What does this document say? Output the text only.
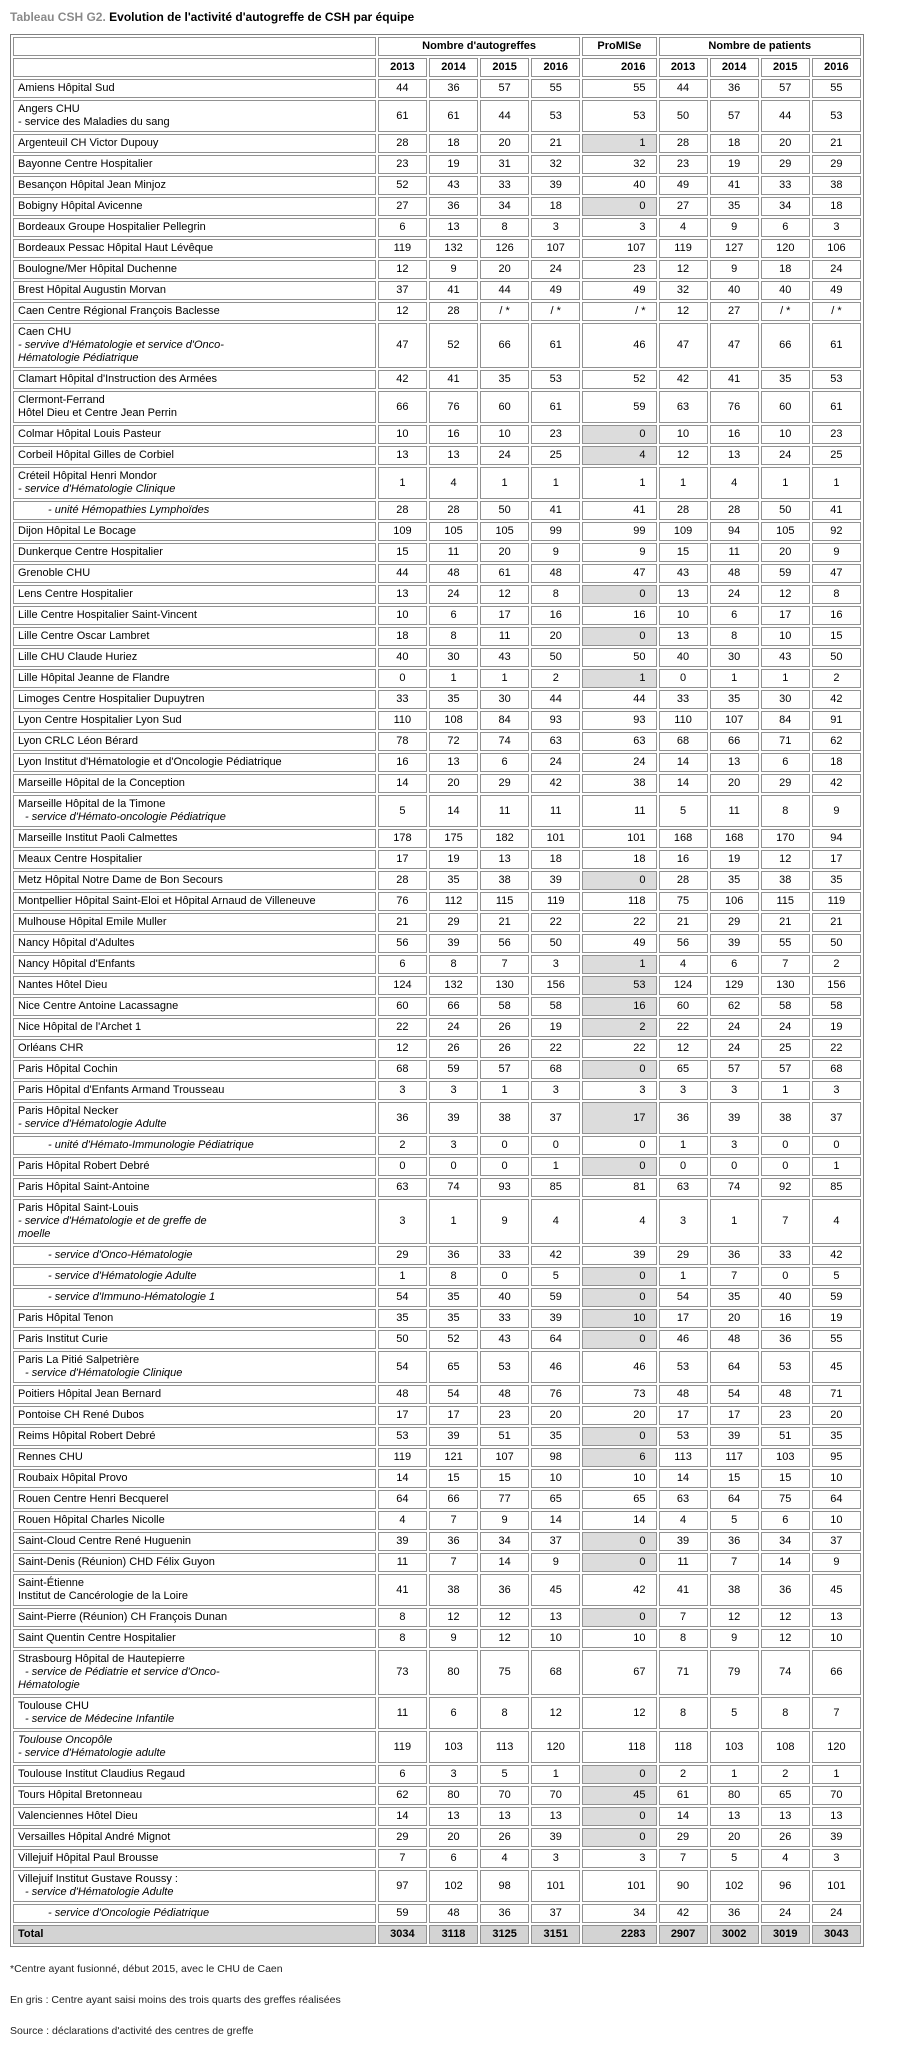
Tableau CSH G2. Evolution de l'activité d'autogreffe de CSH par équipe
	Nombre d'autogreffes				ProMISe	Nombre de patients			
	2013	2014	2015	2016	2016	2013	2014	2015	2016

Amiens Hôpital Sud	44	36	57	55	55	44	36	57	55

Angers CHU
- service des Maladies du sang	61	61	44	53	53	50	57	44	53

Argenteuil CH Victor Dupouy	28	18	20	21	1	28	18	20	21

Bayonne Centre Hospitalier	23	19	31	32	32	23	19	29	29

Besançon Hôpital Jean Minjoz	52	43	33	39	40	49	41	33	38

Bobigny Hôpital Avicenne	27	36	34	18	0	27	35	34	18

Bordeaux Groupe Hospitalier Pellegrin	6	13	8	3	3	4	9	6	3

Bordeaux Pessac Hôpital Haut Lévêque	119	132	126	107	107	119	127	120	106

Boulogne/Mer Hôpital Duchenne	12	9	20	24	23	12	9	18	24

Brest Hôpital Augustin Morvan	37	41	44	49	49	32	40	40	49

Caen Centre Régional François Baclesse	12	28	/ *	/ *	/ *	12	27	/ *	/ *

Caen CHU
- servive d'Hématologie et service d'Onco-
Hématologie Pédiatrique	47	52	66	61	46	47	47	66	61

Clamart Hôpital d'Instruction des Armées	42	41	35	53	52	42	41	35	53

Clermont-Ferrand
Hôtel Dieu et Centre Jean Perrin	66	76	60	61	59	63	76	60	61

Colmar Hôpital Louis Pasteur	10	16	10	23	0	10	16	10	23

Corbeil Hôpital Gilles de Corbiel	13	13	24	25	4	12	13	24	25

Créteil Hôpital Henri Mondor
- service d'Hématologie Clinique	1	4	1	1	1	1	4	1	1

- unité Hémopathies Lymphoïdes	28	28	50	41	41	28	28	50	41

Dijon Hôpital Le Bocage	109	105	105	99	99	109	94	105	92

Dunkerque Centre Hospitalier	15	11	20	9	9	15	11	20	9

Grenoble CHU	44	48	61	48	47	43	48	59	47

Lens Centre Hospitalier	13	24	12	8	0	13	24	12	8

Lille Centre Hospitalier Saint-Vincent	10	6	17	16	16	10	6	17	16

Lille Centre Oscar Lambret	18	8	11	20	0	13	8	10	15

Lille CHU Claude Huriez	40	30	43	50	50	40	30	43	50

Lille Hôpital Jeanne de Flandre	0	1	1	2	1	0	1	1	2

Limoges Centre Hospitalier Dupuytren	33	35	30	44	44	33	35	30	42

Lyon Centre Hospitalier Lyon Sud	110	108	84	93	93	110	107	84	91

Lyon CRLC Léon Bérard	78	72	74	63	63	68	66	71	62

Lyon Institut d'Hématologie et d'Oncologie Pédiatrique	16	13	6	24	24	14	13	6	18

Marseille Hôpital de la Conception	14	20	29	42	38	14	20	29	42

Marseille Hôpital de la Timone
- service d'Hémato-oncologie Pédiatrique	5	14	11	11	11	5	11	8	9

Marseille Institut Paoli Calmettes	178	175	182	101	101	168	168	170	94

Meaux Centre Hospitalier	17	19	13	18	18	16	19	12	17

Metz Hôpital Notre Dame de Bon Secours	28	35	38	39	0	28	35	38	35

Montpellier Hôpital Saint-Eloi et Hôpital Arnaud de Villeneuve	76	112	115	119	118	75	106	115	119

Mulhouse Hôpital Emile Muller	21	29	21	22	22	21	29	21	21

Nancy Hôpital d'Adultes	56	39	56	50	49	56	39	55	50

Nancy Hôpital d'Enfants	6	8	7	3	1	4	6	7	2

Nantes Hôtel Dieu	124	132	130	156	53	124	129	130	156

Nice Centre Antoine Lacassagne	60	66	58	58	16	60	62	58	58

Nice Hôpital de l'Archet 1	22	24	26	19	2	22	24	24	19

Orléans CHR	12	26	26	22	22	12	24	25	22

Paris Hôpital Cochin	68	59	57	68	0	65	57	57	68

Paris Hôpital d'Enfants Armand Trousseau	3	3	1	3	3	3	3	1	3

Paris Hôpital Necker
- service d'Hématologie Adulte	36	39	38	37	17	36	39	38	37

- unité d'Hémato-Immunologie Pédiatrique	2	3	0	0	0	1	3	0	0

Paris Hôpital Robert Debré	0	0	0	1	0	0	0	0	1

Paris Hôpital Saint-Antoine	63	74	93	85	81	63	74	92	85

Paris Hôpital Saint-Louis
- service d'Hématologie et de greffe de
moelle	3	1	9	4	4	3	1	7	4

- service d'Onco-Hématologie	29	36	33	42	39	29	36	33	42

- service d'Hématologie Adulte	1	8	0	5	0	1	7	0	5

- service d'Immuno-Hématologie 1	54	35	40	59	0	54	35	40	59

Paris Hôpital Tenon	35	35	33	39	10	17	20	16	19

Paris Institut Curie	50	52	43	64	0	46	48	36	55

Paris La Pitié Salpetrière
- service d'Hématologie Clinique	54	65	53	46	46	53	64	53	45

Poitiers Hôpital Jean Bernard	48	54	48	76	73	48	54	48	71

Pontoise CH René Dubos	17	17	23	20	20	17	17	23	20

Reims Hôpital Robert Debré	53	39	51	35	0	53	39	51	35

Rennes CHU	119	121	107	98	6	113	117	103	95

Roubaix Hôpital Provo	14	15	15	10	10	14	15	15	10

Rouen Centre Henri Becquerel	64	66	77	65	65	63	64	75	64

Rouen Hôpital Charles Nicolle	4	7	9	14	14	4	5	6	10

Saint-Cloud Centre René Huguenin	39	36	34	37	0	39	36	34	37

Saint-Denis (Réunion) CHD Félix Guyon	11	7	14	9	0	11	7	14	9

Saint-Étienne
Institut de Cancérologie de la Loire	41	38	36	45	42	41	38	36	45

Saint-Pierre (Réunion) CH François Dunan	8	12	12	13	0	7	12	12	13

Saint Quentin Centre Hospitalier	8	9	12	10	10	8	9	12	10

Strasbourg Hôpital de Hautepierre
- service de Pédiatrie et service d'Onco-
Hématologie	73	80	75	68	67	71	79	74	66

Toulouse CHU
- service de Médecine Infantile	11	6	8	12	12	8	5	8	7

Toulouse Oncopôle
- service d'Hématologie adulte	119	103	113	120	118	118	103	108	120

Toulouse Institut Claudius Regaud	6	3	5	1	0	2	1	2	1

Tours Hôpital Bretonneau	62	80	70	70	45	61	80	65	70

Valenciennes Hôtel Dieu	14	13	13	13	0	14	13	13	13

Versailles Hôpital André Mignot	29	20	26	39	0	29	20	26	39

Villejuif Hôpital Paul Brousse	7	6	4	3	3	7	5	4	3

Villejuif Institut Gustave Roussy :
- service d'Hématologie Adulte	97	102	98	101	101	90	102	96	101

- service d'Oncologie Pédiatrique	59	48	36	37	34	42	36	24	24

Total	3034	3118	3125	3151	2283	2907	3002	3019	3043

*Centre ayant fusionné, début 2015, avec le CHU de Caen

En gris : Centre ayant saisi moins des trois quarts des greffes réalisées

Source : déclarations d'activité des centres de greffe
